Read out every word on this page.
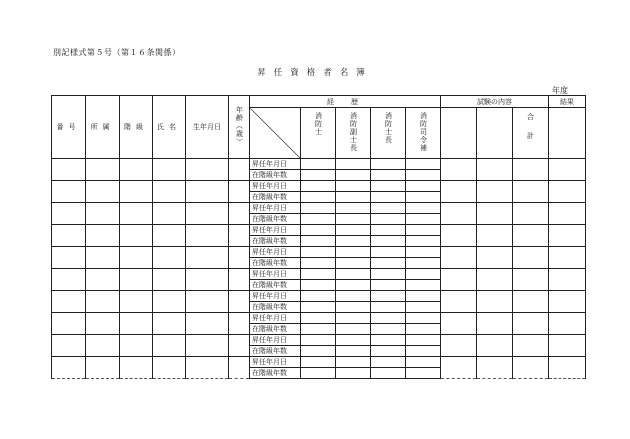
別記様式第５号（第１６条関係）
昇任資格者名簿
年度
番号	所属	階級	氏名	生年月日	年齢（歳）	経　歴					試験の内容			結果
							消防士	消防副士長	消防士長	消防司令補			合計	
						昇任年月日								
						在階級年数								
						昇任年月日								
						在階級年数								
						昇任年月日								
						在階級年数								
						昇任年月日								
						在階級年数								
						昇任年月日								
						在階級年数								
						昇任年月日								
						在階級年数								
						昇任年月日								
						在階級年数								
						昇任年月日								
						在階級年数								
						昇任年月日								
						在階級年数								
						昇任年月日								
						在階級年数								
